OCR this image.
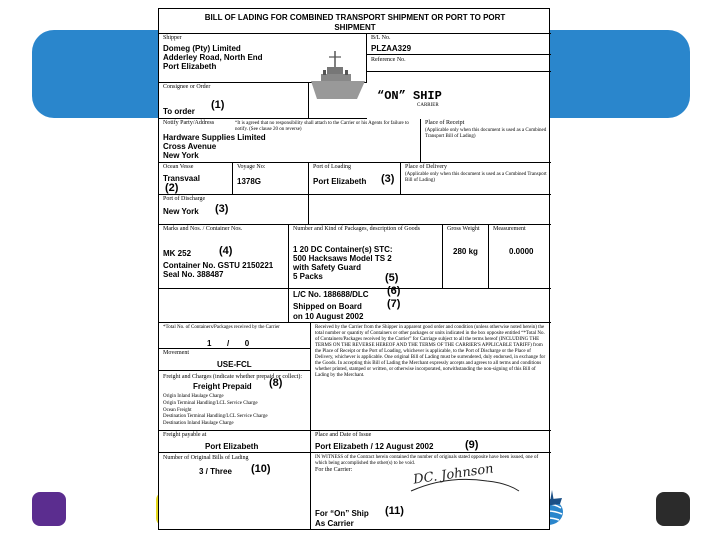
BILL OF LADING FOR COMBINED TRANSPORT SHIPMENT OR PORT TO PORT
SHIPMENT
Shipper
Domeg (Pty) Limited
Adderley Road, North End
Port Elizabeth
B/L No.
PLZAA329
Reference No.
Consignee or Order
To order
(1)
“ON” SHIP
CARRIER
Notify Party/Address
Hardware Supplies Limited
Cross Avenue
New York
“It is agreed that no responsibility shall attach to the Carrier or his Agents for failure to notify. (See clause 20 on reverse)
Place of Receipt
(Applicable only when this document is used as a Combined Transport Bill of Lading)
Ocean Vesse
Transvaal
(2)
Voyage No:
1378G
Port of Loading
Port Elizabeth (3)
Place of Delivery
(Applicable only when this document is used as a Combined Transport Bill of Lading)
Port of Discharge
New York (3)
Marks and Nos. / Container Nos.
MK 252	(4)
Container No. GSTU 2150221
Seal No. 388487
Number and Kind of Packages, description of Goods
1 20 DC Container(s) STC:
500 Hacksaws Model TS 2
with Safety Guard
5 Packs	(5)
Gross Weight
280 kg
Measurement
0.0000
L/C No. 188688/DLC (6)
Shipped on Board (7)
on 10 August 2002
*Total No. of Containers/Packages received by the Carrier
1       /       0
Received by the Carrier from the Shipper in apparent good order and condition (unless otherwise noted herein) the total number or quantity of Containers or other packages or units indicated in the box opposite entitled “*Total No. of Containers/Packages received by the Carrier” for Carriage subject to all the terms hereof (INCLUDING THE TERMS ON THE REVERSE HEREOF AND THE TERMS OF THE CARRIER'S APPLICABLE TARIFF) from the Place of Receipt or the Port of Loading, whichever is applicable, to the Port of Discharge or the Place of Delivery, whichever is applicable. One original Bill of Lading must be surrendered, duly endorsed, in exchange for the Goods. In accepting this Bill of Lading the Merchant expressly accepts and agrees to all terms and conditions whether printed, stamped or written, or otherwise incorporated, notwithstanding the non-signing of this Bill of Lading by the Merchant.
Movement
USE-FCL
Freight and Charges (indicate whether prepaid or collect):
Freight Prepaid (8)
Origin Inland Haulage Charge
Origin Terminal Handling/LCL Service Charge
Ocean Freight
Destination Terminal Handling/LCL Service Charge
Destination Inland Haulage Charge
Freight payable at
Port Elizabeth
Place and Date of Issue
Port Elizabeth / 12 August 2002	(9)
Number of Original Bills of Lading
3 / Three (10)
IN WITNESS of the Contract herein contained the number of originals stated opposite have been issued, one of which being accomplished the other(s) to be void.
For the Carrier:	DC. Johnson
For “On” Ship (11)
As Carrier
